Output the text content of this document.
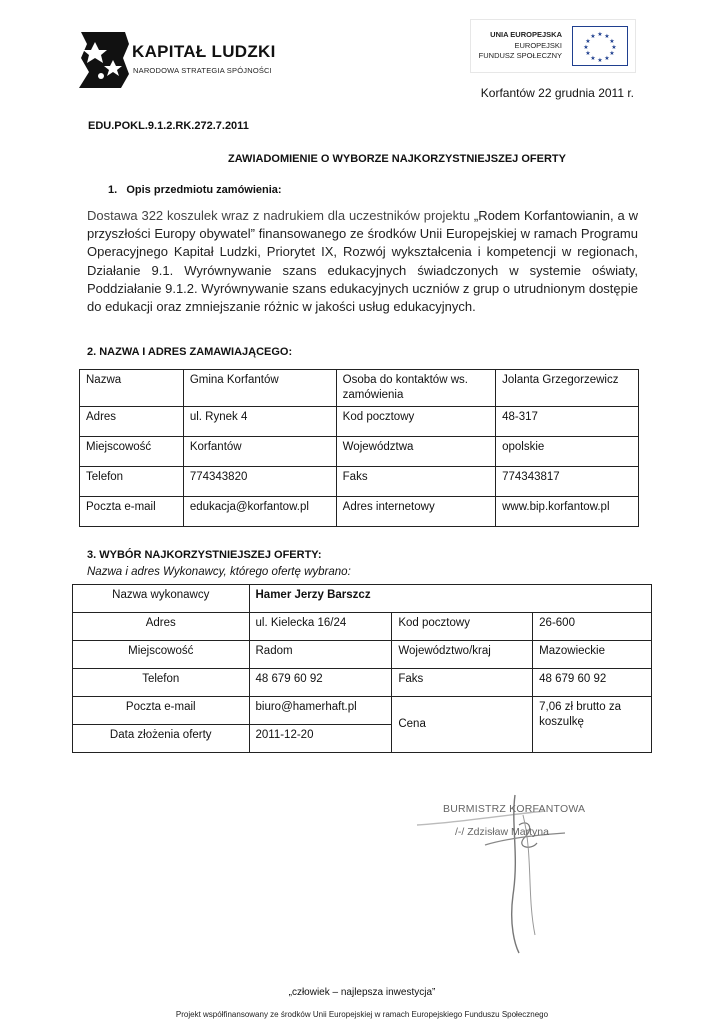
KAPITAŁ LUDZKI
NARODOWA STRATEGIA SPÓJNOŚCI
UNIA EUROPEJSKA
EUROPEJSKI
FUNDUSZ SPOŁECZNY
★ ★
★
★
★
★
★
★
★
★
★
★
Korfantów 22 grudnia 2011 r.
EDU.POKL.9.1.2.RK.272.7.2011
ZAWIADOMIENIE O WYBORZE NAJKORZYSTNIEJSZEJ OFERTY
1.   Opis przedmiotu zamówienia:
Dostawa 322 koszulek wraz z nadrukiem dla uczestników projektu „Rodem Korfantowianin, a w przyszłości Europy obywatel” finansowanego ze środków Unii Europejskiej w ramach Programu Operacyjnego Kapitał Ludzki, Priorytet IX, Rozwój wykształcenia i kompetencji w regionach, Działanie 9.1. Wyrównywanie szans edukacyjnych świadczonych w systemie oświaty, Poddziałanie 9.1.2. Wyrównywanie szans edukacyjnych uczniów z grup o utrudnionym dostępie do edukacji oraz zmniejszanie różnic w jakości usług edukacyjnych.
2. NAZWA I ADRES ZAMAWIAJĄCEGO:
Nazwa	Gmina Korfantów	Osoba do kontaktów ws. zamówienia	Jolanta Grzegorzewicz
Adres	ul. Rynek 4	Kod pocztowy	48-317
Miejscowość	Korfantów	Województwa	opolskie
Telefon	774343820	Faks	774343817
Poczta e-mail	edukacja@korfantow.pl	Adres internetowy	www.bip.korfantow.pl
3. WYBÓR NAJKORZYSTNIEJSZEJ OFERTY:
Nazwa i adres Wykonawcy, którego ofertę wybrano:
Nazwa wykonawcy	Hamer Jerzy Barszcz		
Adres	ul. Kielecka 16/24	Kod pocztowy	26-600
Miejscowość	Radom	Województwo/kraj	Mazowieckie
Telefon	48 679 60 92	Faks	48 679 60 92
Poczta e-mail	biuro@hamerhaft.pl	Cena	7,06 zł brutto za koszulkę
Data złożenia oferty	2011-12-20		
BURMISTRZ KORFANTOWA
/-/ Zdzisław Martyna
„człowiek – najlepsza inwestycja”
Projekt współfinansowany ze środków Unii Europejskiej w ramach Europejskiego Funduszu Społecznego
